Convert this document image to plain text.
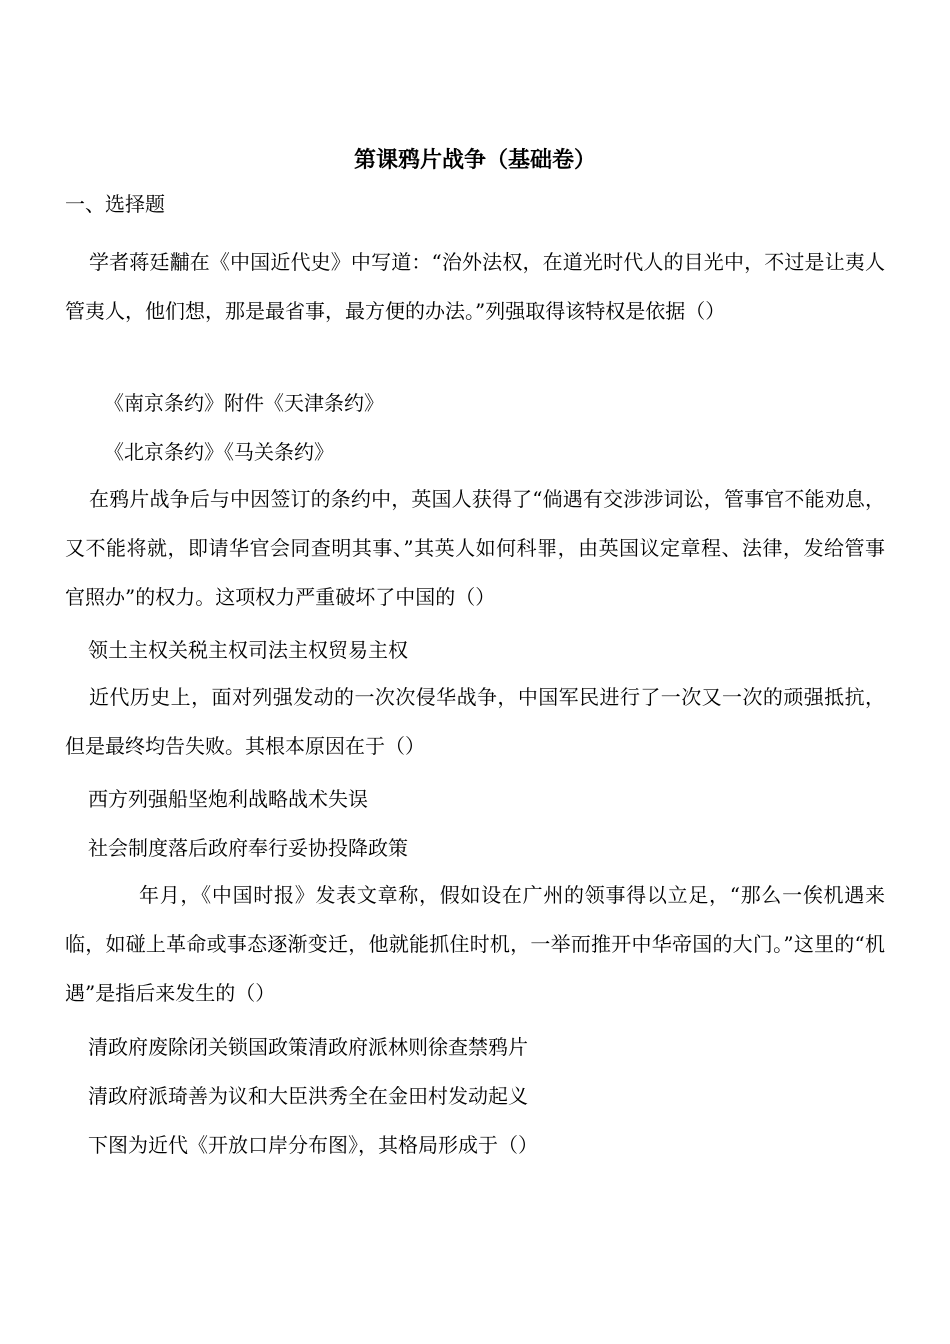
第课鸦片战争（基础卷）
一、选择题
学者蒋廷黼在《中国近代史》中写道：“治外法权，在道光时代人的目光中，不过是让夷人管夷人，他们想，那是最省事，最方便的办法。”列强取得该特权是依据（）
《南京条约》附件《天津条约》
《北京条约》《马关条约》
在鸦片战争后与中因签订的条约中，英国人获得了“倘遇有交涉涉词讼，管事官不能劝息，又不能将就，即请华官会同查明其事、”其英人如何科罪，由英国议定章程、法律，发给管事官照办”的权力。这项权力严重破坏了中国的（）
领土主权关税主权司法主权贸易主权
近代历史上，面对列强发动的一次次侵华战争，中国军民进行了一次又一次的顽强抵抗，但是最终均告失败。其根本原因在于（）
西方列强船坚炮利战略战术失误
社会制度落后政府奉行妥协投降政策
年月，《中国时报》发表文章称，假如设在广州的领事得以立足，“那么一俟机遇来临，如碰上革命或事态逐渐变迁，他就能抓住时机，一举而推开中华帝国的大门。”这里的“机遇”是指后来发生的（）
清政府废除闭关锁国政策清政府派林则徐查禁鸦片
清政府派琦善为议和大臣洪秀全在金田村发动起义
下图为近代《开放口岸分布图》，其格局形成于（）
